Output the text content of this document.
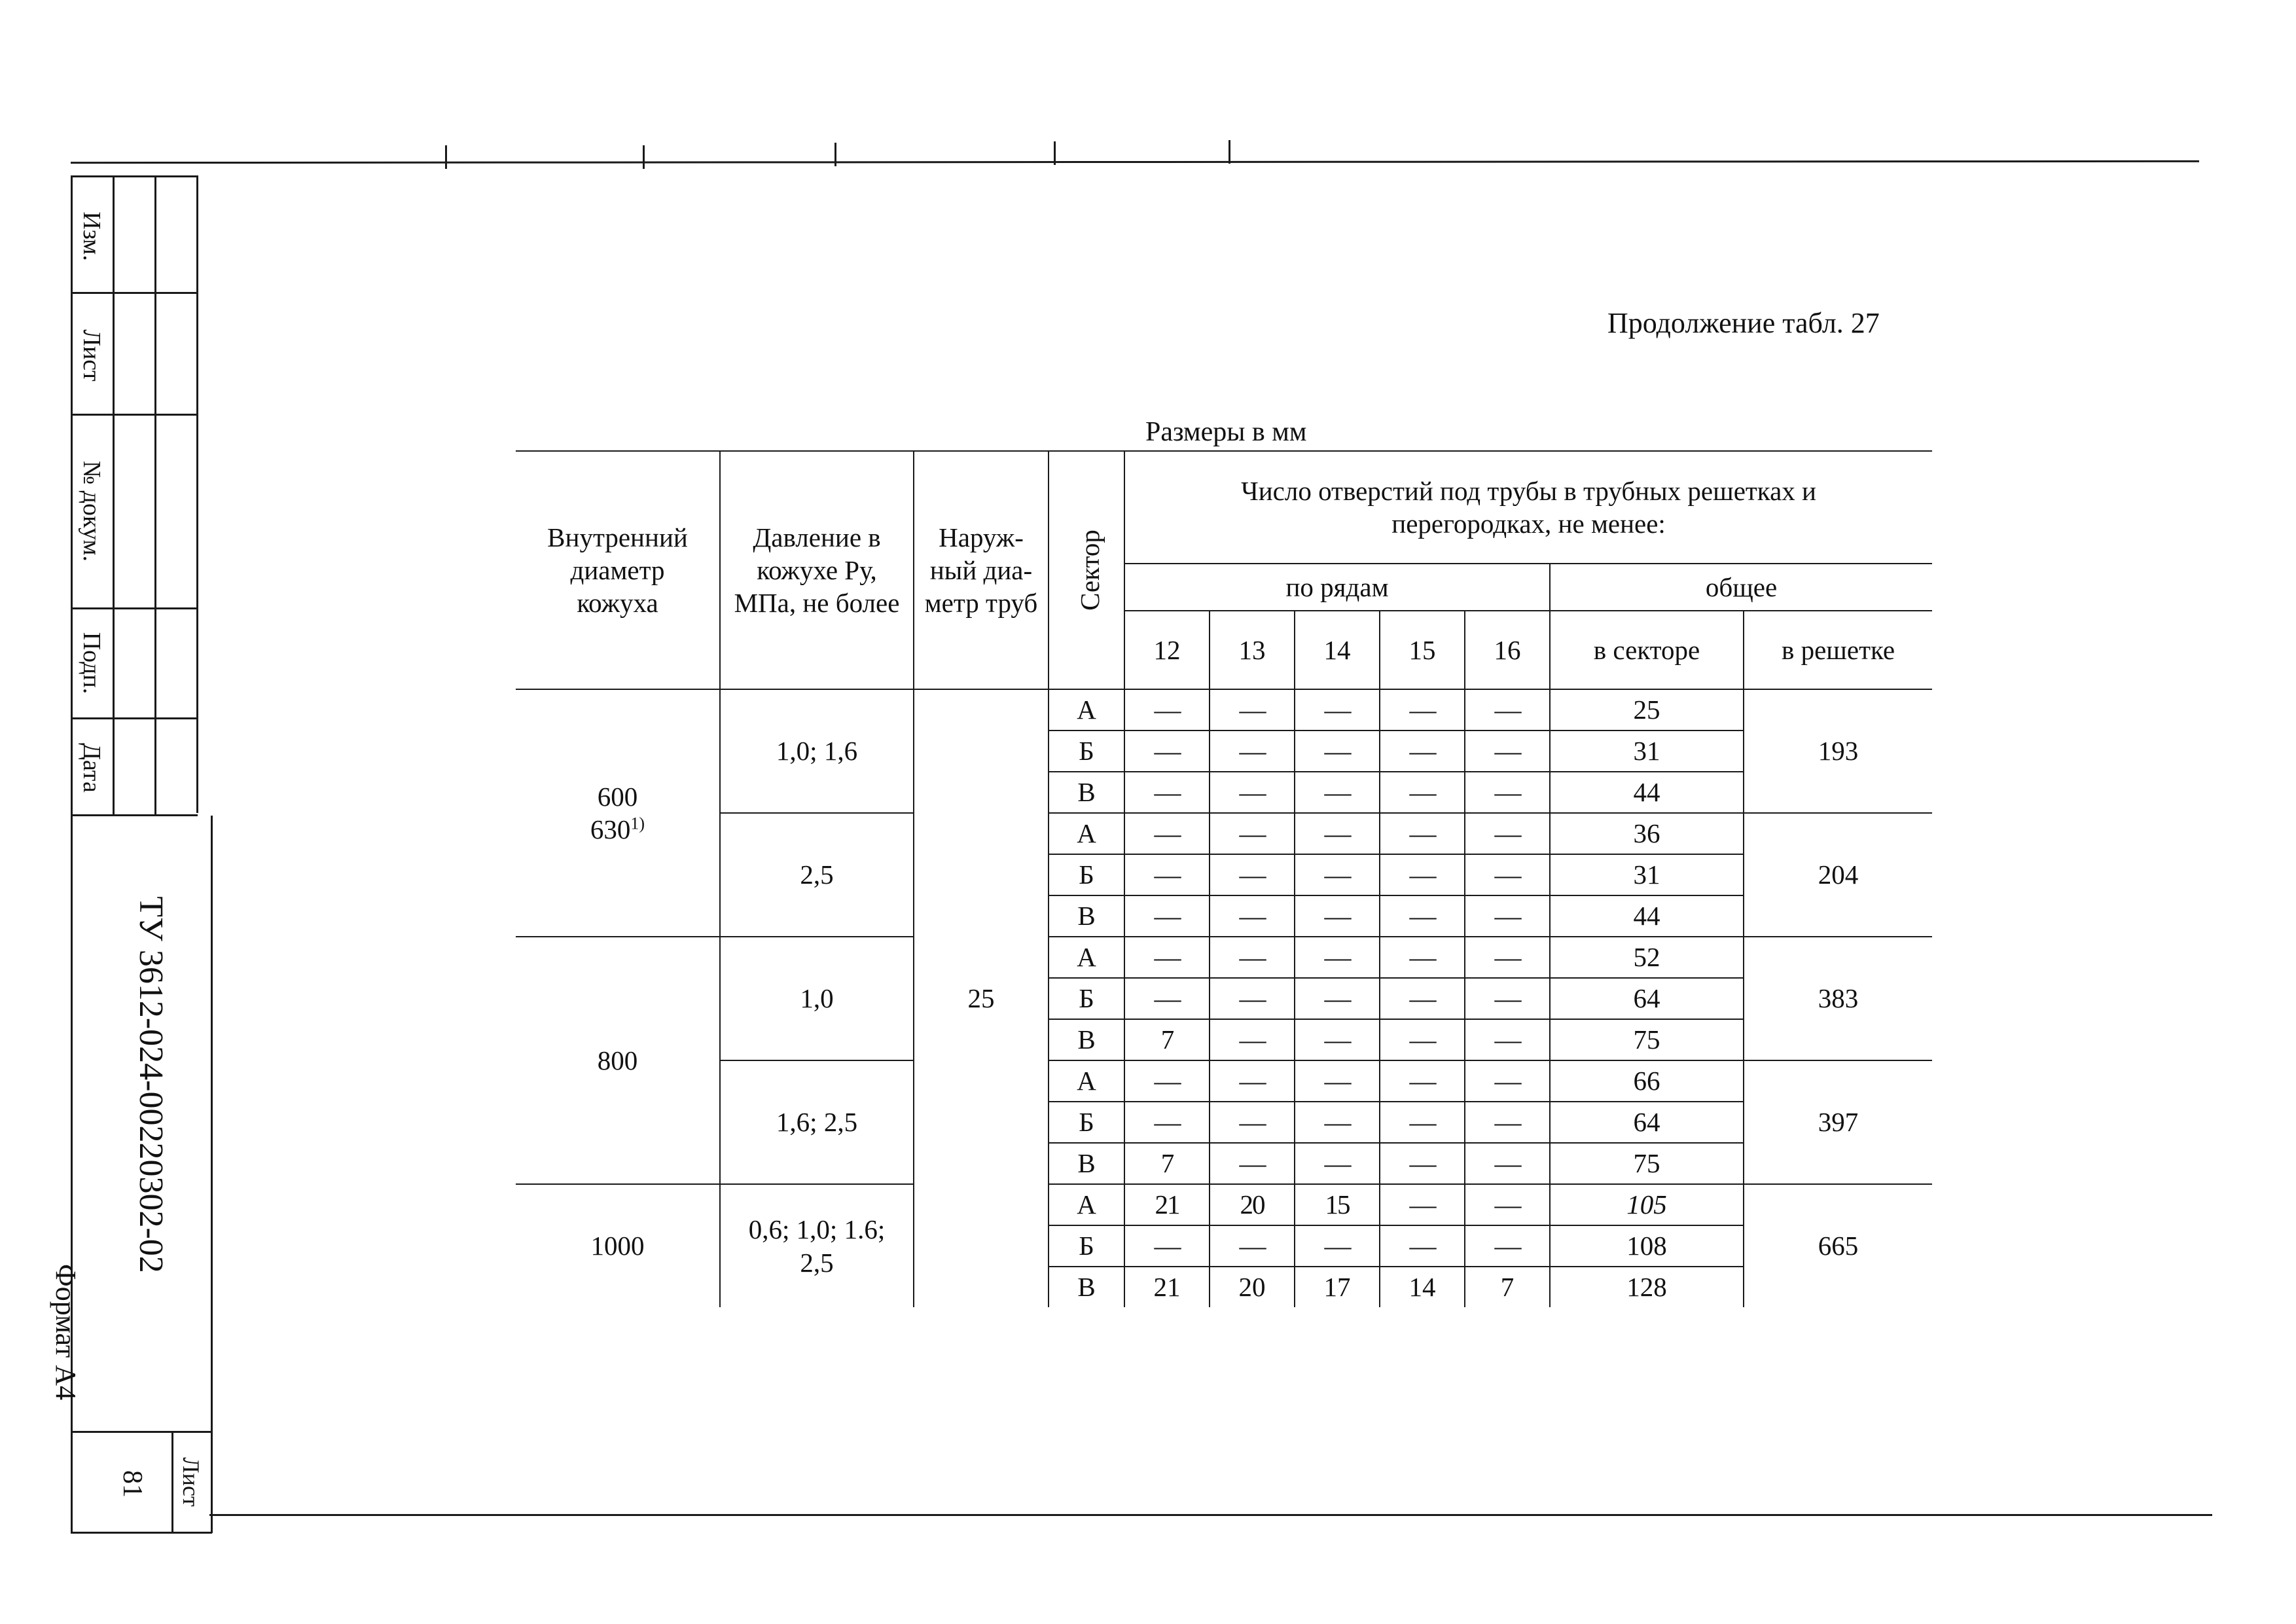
Изм.
Лист
№ докум.
Подп.
Дата
ТУ 3612-024-00220302-02
Формат А4
Лист
81
Продолжение табл. 27
Размеры в мм
Внутренний диаметр кожуха	Давление в кожухе Ру, МПа, не более	Наруж-ный диа-метр труб	Сектор	Число отверстий под трубы в трубных решетках и перегородках, не менее:						
				по рядам					общее	
				12	13	14	15	16	в секторе	в решетке

600
630$^{1)}$	1,0; 1,6	25	А	—	—	—	—	—	25	193
			Б	—	—	—	—	—	31	
			В	—	—	—	—	—	44	
	2,5		А	—	—	—	—	—	36	204
			Б	—	—	—	—	—	31	
			В	—	—	—	—	—	44	
800	1,0		А	—	—	—	—	—	52	383
			Б	—	—	—	—	—	64	
			В	7	—	—	—	—	75	
	1,6; 2,5		А	—	—	—	—	—	66	397
			Б	—	—	—	—	—	64	
			В	7	—	—	—	—	75	
1000	0,6; 1,0; 1.6; 2,5		А	21	20	15	—	—	105	665
			Б	—	—	—	—	—	108	
			В	21	20	17	14	7	128	
